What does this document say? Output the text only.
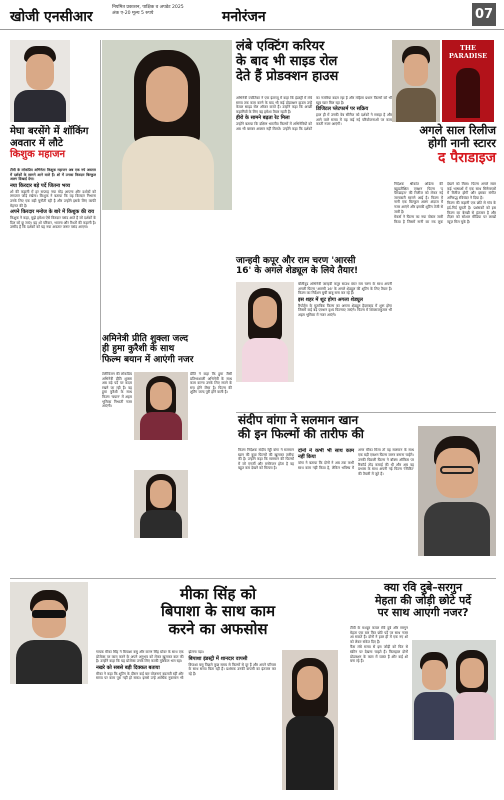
खोजी एनसीआर
नियमित प्रकाशन, पाक्षिक व अपडेट 2025
अंक ए-20 मूल्य 5 रुपये	मनोरंजन	07
मेघा बरसेंगे में शॉकिंग
अवतार में लौटे
किशुक महाजन

टीवी के लोकप्रिय अभिनेता किशुक महाजन अब एक नये अवतार में दर्शकों के सामने आने वाले हैं। शो में उनका किरदार बिल्कुल अलग दिखाई देगा।

नया किरदार बड़े पर्दे जितना भव्य

शो की कहानी में हर सप्ताह नया मोड़ आएगा और दर्शकों को लगातार जोड़े रखेगा। किशुक ने बताया कि यह किरदार निभाना उनके लिए एक बड़ी चुनौती रही है और उन्होंने इसके लिए काफी मेहनत की है।

अपने किरदार मनोज के बारे में किशुक की राय

किशुक ने कहा, मुझे हमेशा ऐसे किरदार पसंद आते हैं जो दर्शकों के दिल को छू जाएं। यह शो परिवार, भावना और रिश्तों की कहानी है। उम्मीद है कि दर्शकों को यह नया अवतार जरूर पसंद आएगा।

लंबे एक्टिंग करियर
के बाद भी साइड रोल
देते हैं प्रोडक्शन हाउस

अभिनेत्री ज्योतिका ने एक इंटरव्यू में कहा कि इंडस्ट्री में लंबे समय तक काम करने के बाद भी कई प्रोडक्शन हाउस उन्हें केवल साइड रोल ऑफर करते हैं। उन्होंने कहा कि अच्छी कहानियों के लिए वह हमेशा तैयार रहती हैं।

हीरो के सामने बढ़ता रेट मिला

उन्होंने बताया कि दक्षिण भारतीय फिल्मों में अभिनेत्रियों को अब भी बराबर अवसर नहीं मिलते। उन्होंने कहा कि दर्शकों का नजरिया बदल रहा है और महिला प्रधान फिल्मों को भी खूब प्यार मिल रहा है।

डिजिटल प्लेटफार्म पर सक्रिय

हाल ही में उनकी वेब सीरीज को दर्शकों ने सराहा है और आने वाले समय में वह कई नई परियोजनाओं पर काम करती नजर आएंगी।

THE PARADISE
अगले साल रिलीज
होगी नानी स्टारर
द पैराडाइज

निर्देशक श्रीकांत ओडेला की बहुप्रतीक्षित एक्शन फिल्म 'द पैराडाइज' की रिलीज को लेकर नई जानकारी सामने आई है। फिल्म में नानी एक बिल्कुल अलग अंदाज में नजर आएंगे और इसकी शूटिंग तेजी से जारी है।

मेकर्स ने फिल्म का नया पोस्टर जारी किया है जिसमें नानी का रफ लुक देखने को मिला। फिल्म अगले साल कई भाषाओं में एक साथ सिनेमाघरों में रिलीज होगी और इसका संगीत अनिरुद्ध रविचंदर ने दिया है।

फिल्म की कहानी एक छोटे से गांव के इर्द-गिर्द घूमती है। प्रशंसकों को इस फिल्म का बेसब्री से इंतजार है और टीज़र को सोशल मीडिया पर लाखों व्यूज़ मिल चुके हैं।

जान्हवी कपूर और राम चरण 'आरसी
16' के अगले शेड्यूल के लिये तैयार!

बॉलीवुड अभिनेत्री जान्हवी कपूर साउथ स्टार राम चरण के साथ अपनी अगली फिल्म 'आरसी 16' के अगले शेड्यूल की शूटिंग के लिए तैयार हैं। फिल्म का निर्देशन बुची बाबू सना कर रहे हैं।

इस शहर में शूट होगा अगला शेड्यूल

रिपोर्ट्स के मुताबिक फिल्म का अगला शेड्यूल हैदराबाद में शुरू होगा जिसमें कई बड़े एक्शन दृश्य फिल्माए जाएंगे। फिल्म में शिवराजकुमार भी अहम भूमिका में नजर आएंगे।

अमिनेत्री प्रीति शुक्ला जल्द
ही हुमा कुरैशी के साथ
फिल्म बयान में आएंगी नजर

टेलीविजन की लोकप्रिय अभिनेत्री प्रीति शुक्ला अब बड़े पर्दे पर कदम रखने जा रही हैं। वह हुमा कुरैशी के साथ फिल्म 'बयान' में अहम भूमिका निभाती नजर आएंगी।

प्रीति ने कहा कि हुमा जैसी प्रतिभाशाली अभिनेत्री के साथ काम करना उनके लिए सपने के सच होने जैसा है। फिल्म की शूटिंग जल्द पूरी होने वाली है।

संदीप वांगा ने सलमान खान
की इन फिल्मों की तारीफ की

फिल्म निर्देशक संदीप रेड्डी वांगा ने सलमान खान की कुछ फिल्मों की खुलकर तारीफ की है। उन्होंने कहा कि सलमान की फिल्मों में जो एनर्जी और मनोरंजन होता है वह बहुत कम देखने को मिलता है।

दोनों ने कभी भी साथ काम नहीं किया

वांगा ने बताया कि दोनों ने अब तक कभी साथ काम नहीं किया है, लेकिन भविष्य में अगर मौका मिला तो वह सलमान के साथ एक बड़ी एक्शन फिल्म जरूर बनाना चाहेंगे।

उनकी पिछली फिल्म ने बॉक्स ऑफिस पर रिकॉर्ड तोड़ कमाई की थी और अब वह प्रभास के साथ अपनी नई फिल्म 'स्पिरिट' की तैयारी में जुटे हैं।

मीका सिंह को
बिपाशा के साथ काम
करने का अफसोस

गायक मीका सिंह ने बिपाशा बसु और करण सिंह ग्रोवर के साथ एक प्रोजेक्ट पर काम करने के अपने अनुभव को लेकर खुलकर बात की है। उन्होंने कहा कि यह प्रोजेक्ट उनके लिए काफी मुश्किल भरा रहा।

नखरे को सबसे बड़ी दिक्कत बताया

मीका ने कहा कि शूटिंग के दौरान कई बार योजनाएं बदलती रहीं और समय पर काम पूरा नहीं हो सका। इससे उन्हें आर्थिक नुकसान भी झेलना पड़ा।

बिपाशा इंडस्ट्री में शानदार वापसी

बिपाशा बसु पिछले कुछ समय से फिल्मों से दूर हैं और अपने परिवार के साथ समय बिता रही हैं। प्रशंसक उनकी वापसी का इंतजार कर रहे हैं।

क्या रवि दुबे–सरगुन
मेहता की जोड़ी छोटे पर्दे
पर साथ आएगी नजर?

टीवी के मशहूर कपल रवि दुबे और सरगुन मेहता एक बार फिर छोटे पर्दे पर साथ नजर आ सकते हैं। दोनों ने हाल ही में एक नए शो को लेकर संकेत दिए हैं।

फैंस लंबे समय से इस जोड़ी को फिर से स्क्रीन पर देखना चाहते हैं। फिलहाल दोनों प्रोडक्शन के काम में व्यस्त हैं और कई शो बना रहे हैं।
